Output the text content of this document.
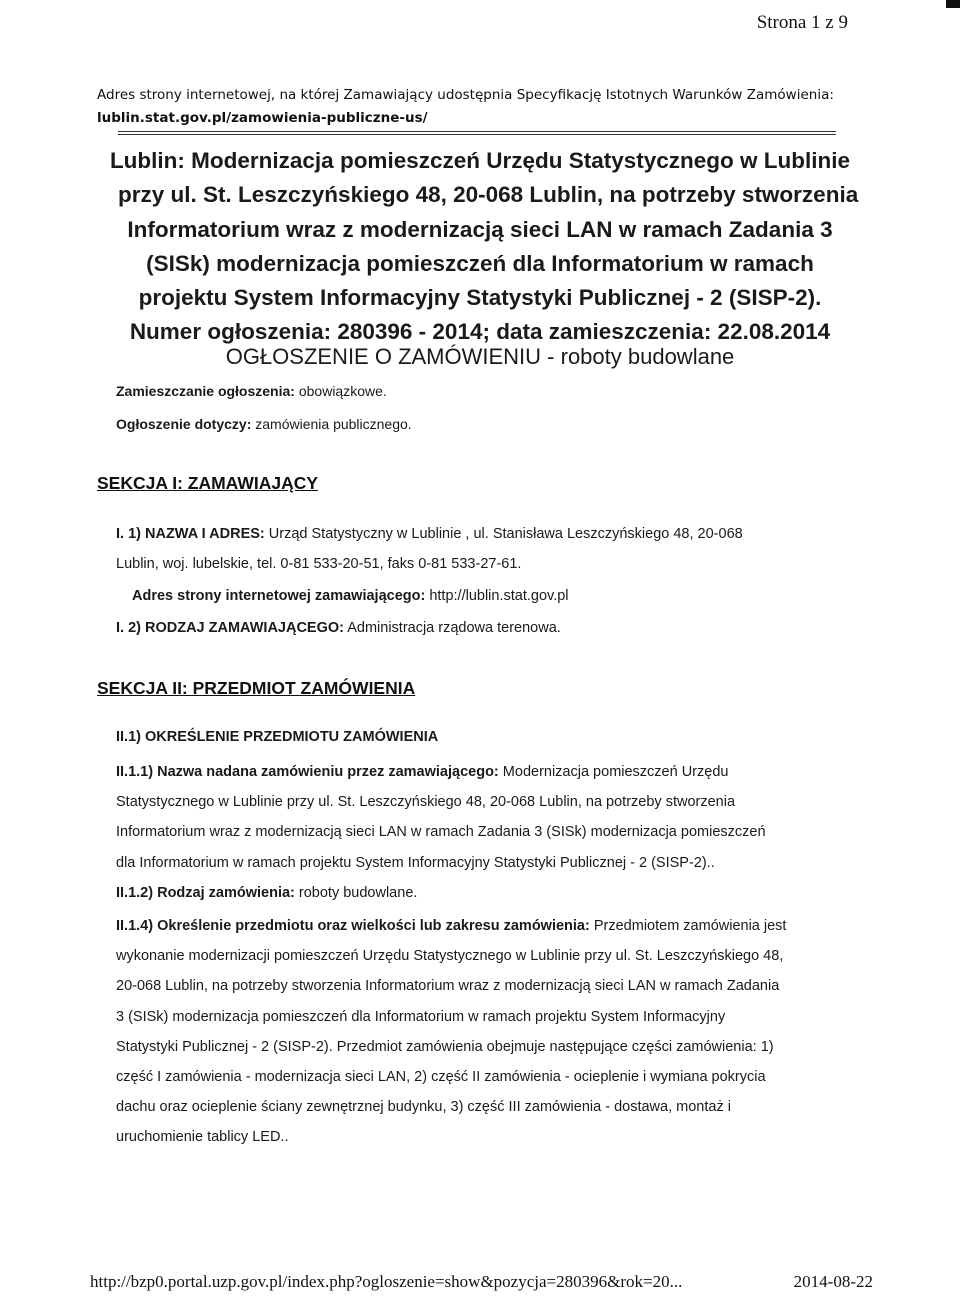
Strona 1 z 9
Adres strony internetowej, na której Zamawiający udostępnia Specyfikację Istotnych Warunków Zamówienia:
lublin.stat.gov.pl/zamowienia-publiczne-us/
Lublin: Modernizacja pomieszczeń Urzędu Statystycznego w Lublinie
przy ul. St. Leszczyńskiego 48, 20-068 Lublin, na potrzeby stworzenia
Informatorium wraz z modernizacją sieci LAN w ramach Zadania 3
(SISk) modernizacja pomieszczeń dla Informatorium w ramach
projektu System Informacyjny Statystyki Publicznej - 2 (SISP-2).
Numer ogłoszenia: 280396 - 2014; data zamieszczenia: 22.08.2014
OGŁOSZENIE O ZAMÓWIENIU - roboty budowlane
Zamieszczanie ogłoszenia: obowiązkowe.
Ogłoszenie dotyczy: zamówienia publicznego.
SEKCJA I: ZAMAWIAJĄCY
I. 1) NAZWA I ADRES: Urząd Statystyczny w Lublinie , ul. Stanisława Leszczyńskiego 48, 20-068
Lublin, woj. lubelskie, tel. 0-81 533-20-51, faks 0-81 533-27-61.
Adres strony internetowej zamawiającego: http://lublin.stat.gov.pl
I. 2) RODZAJ ZAMAWIAJĄCEGO: Administracja rządowa terenowa.
SEKCJA II: PRZEDMIOT ZAMÓWIENIA
II.1) OKREŚLENIE PRZEDMIOTU ZAMÓWIENIA
II.1.1) Nazwa nadana zamówieniu przez zamawiającego: Modernizacja pomieszczeń Urzędu
Statystycznego w Lublinie przy ul. St. Leszczyńskiego 48, 20-068 Lublin, na potrzeby stworzenia
Informatorium wraz z modernizacją sieci LAN w ramach Zadania 3 (SISk) modernizacja pomieszczeń
dla Informatorium w ramach projektu System Informacyjny Statystyki Publicznej - 2 (SISP-2)..
II.1.2) Rodzaj zamówienia: roboty budowlane.
II.1.4) Określenie przedmiotu oraz wielkości lub zakresu zamówienia: Przedmiotem zamówienia jest
wykonanie modernizacji pomieszczeń Urzędu Statystycznego w Lublinie przy ul. St. Leszczyńskiego 48,
20-068 Lublin, na potrzeby stworzenia Informatorium wraz z modernizacją sieci LAN w ramach Zadania
3 (SISk) modernizacja pomieszczeń dla Informatorium w ramach projektu System Informacyjny
Statystyki Publicznej - 2 (SISP-2). Przedmiot zamówienia obejmuje następujące części zamówienia: 1)
część I zamówienia - modernizacja sieci LAN, 2) część II zamówienia - ocieplenie i wymiana pokrycia
dachu oraz ocieplenie ściany zewnętrznej budynku, 3) część III zamówienia - dostawa, montaż i
uruchomienie tablicy LED..
http://bzp0.portal.uzp.gov.pl/index.php?ogloszenie=show&pozycja=280396&rok=20...	2014-08-22
